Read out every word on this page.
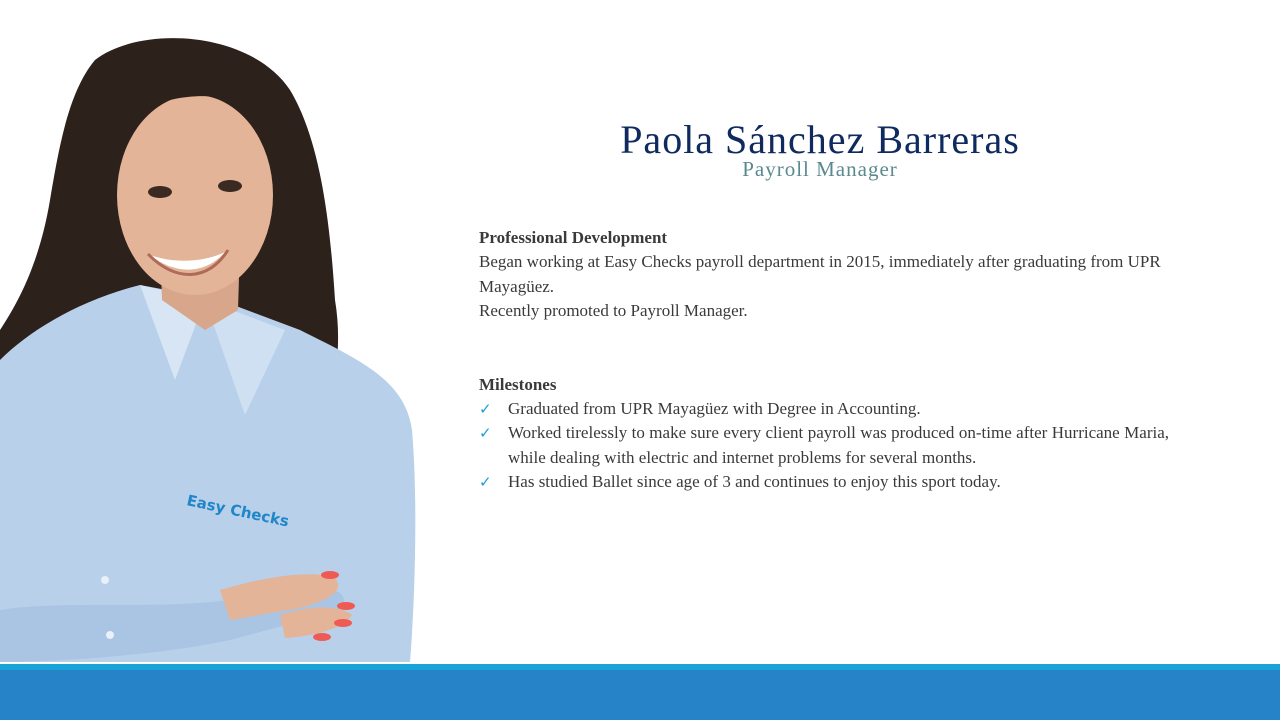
Easy Checks
Paola Sánchez Barreras
Payroll Manager
Professional Development
Began working at Easy Checks payroll department in 2015, immediately after graduating from UPR Mayagüez.
Recently promoted to Payroll Manager.
Milestones
✓ Graduated from UPR Mayagüez with Degree in Accounting.
✓ Worked tirelessly to make sure every client payroll was produced on-time after Hurricane Maria, while dealing with electric and internet problems for several months.
✓ Has studied Ballet since age of 3 and continues to enjoy this sport today.
